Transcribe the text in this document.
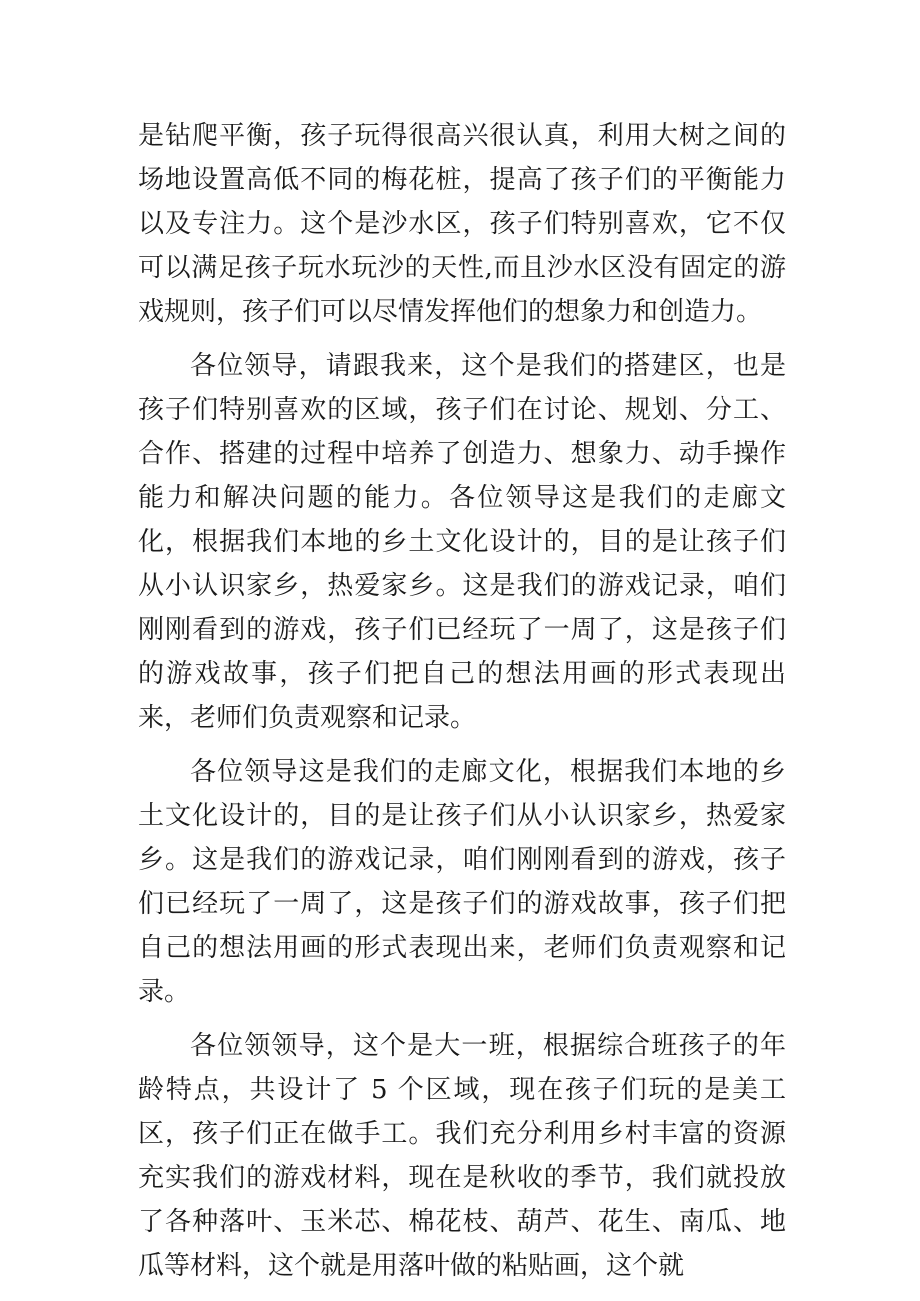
是钻爬平衡，孩子玩得很高兴很认真，利用大树之间的场地设置高低不同的梅花桩，提高了孩子们的平衡能力以及专注力。这个是沙水区，孩子们特别喜欢，它不仅可以满足孩子玩水玩沙的天性,而且沙水区没有固定的游戏规则，孩子们可以尽情发挥他们的想象力和创造力。

各位领导，请跟我来，这个是我们的搭建区，也是孩子们特别喜欢的区域，孩子们在讨论、规划、分工、合作、搭建的过程中培养了创造力、想象力、动手操作能力和解决问题的能力。各位领导这是我们的走廊文化，根据我们本地的乡土文化设计的，目的是让孩子们从小认识家乡，热爱家乡。这是我们的游戏记录，咱们刚刚看到的游戏，孩子们已经玩了一周了，这是孩子们的游戏故事，孩子们把自己的想法用画的形式表现出来，老师们负责观察和记录。

各位领导这是我们的走廊文化，根据我们本地的乡土文化设计的，目的是让孩子们从小认识家乡，热爱家乡。这是我们的游戏记录，咱们刚刚看到的游戏，孩子们已经玩了一周了，这是孩子们的游戏故事，孩子们把自己的想法用画的形式表现出来，老师们负责观察和记录。

各位领领导，这个是大一班，根据综合班孩子的年龄特点，共设计了 5 个区域，现在孩子们玩的是美工区，孩子们正在做手工。我们充分利用乡村丰富的资源充实我们的游戏材料，现在是秋收的季节，我们就投放了各种落叶、玉米芯、棉花枝、葫芦、花生、南瓜、地瓜等材料，这个就是用落叶做的粘贴画，这个就
